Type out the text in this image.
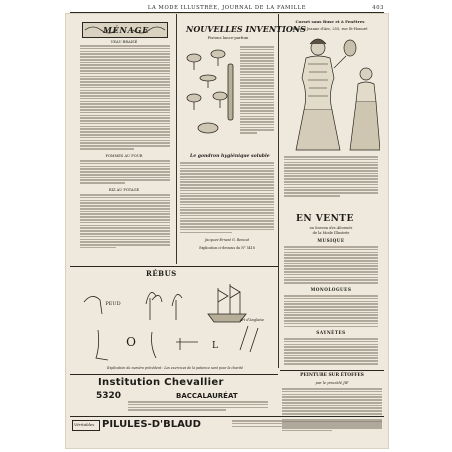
LA MODE ILLUSTRÉE, JOURNAL DE LA FAMILLE	403
MÉNAGE
VEAU BRAISÉ
POMMES AU FOUR
RIZ AU POTAGE
NOUVELLES INVENTIONS
Pistons lance-parfum
Le gondron hygiénique soluble
Jacques-Ernest G. Renout
Explication ci-dessous du N° 5418
Corset sans Buse et à Fenêtres
Maison Jeanne d'Arc, 255, rue St-Honoré
EN VENTE
au bureau des Abonnés
de la Mode Illustrée
MUSIQUE
MONOLOGUES
SAYNÈTES
PEINTURE SUR ÉTOFFES
par le procédé JIF
RÉBUS
PEUD
Art d'Anglaise
O	L
Explication du numéro précédent : Les exercices de la patience sont pour la charité
Institution Chevallier
5320	BACCALAURÉAT
Véritables PILULES-D'BLAUD
